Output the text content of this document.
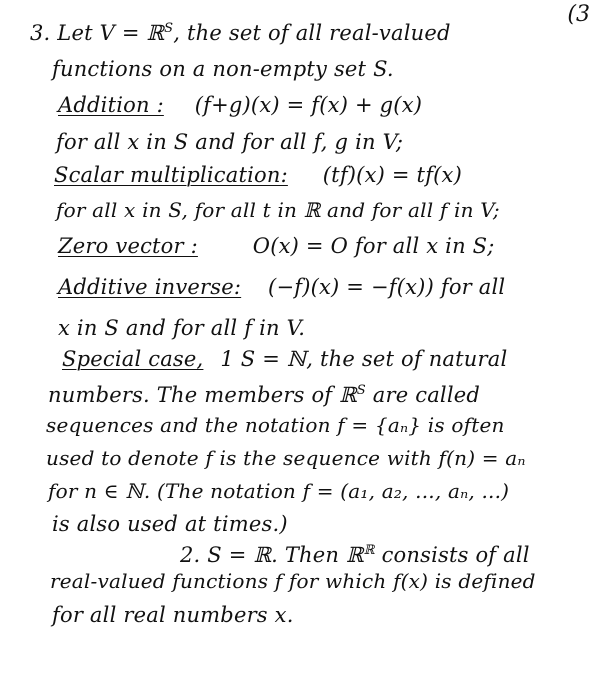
(3
3. Let V = ℝ$^S$, the set of all real-valued
functions on a non-empty set S.
Addition : (f+g)(x) = f(x) + g(x)
for all x in S and for all f, g in V;
Scalar multiplication: (tf)(x) = tf(x)
for all x in S, for all t in ℝ and for all f in V;
Zero vector :	O(x) = O for all x in S;
Additive inverse: (−f)(x) = −f(x)) for all
x in S and for all f in V.
Special case, 1 S = ℕ, the set of natural
numbers. The members of ℝ$^S$ are called
sequences and the notation f = {aₙ} is often
used to denote f is the sequence with f(n) = aₙ
for n ∈ ℕ. (The notation f = (a₁, a₂, ..., aₙ, ...)
is also used at times.)
2. S = ℝ. Then ℝ$^ℝ$ consists of all
real-valued functions f for which f(x) is defined
for all real numbers x.
